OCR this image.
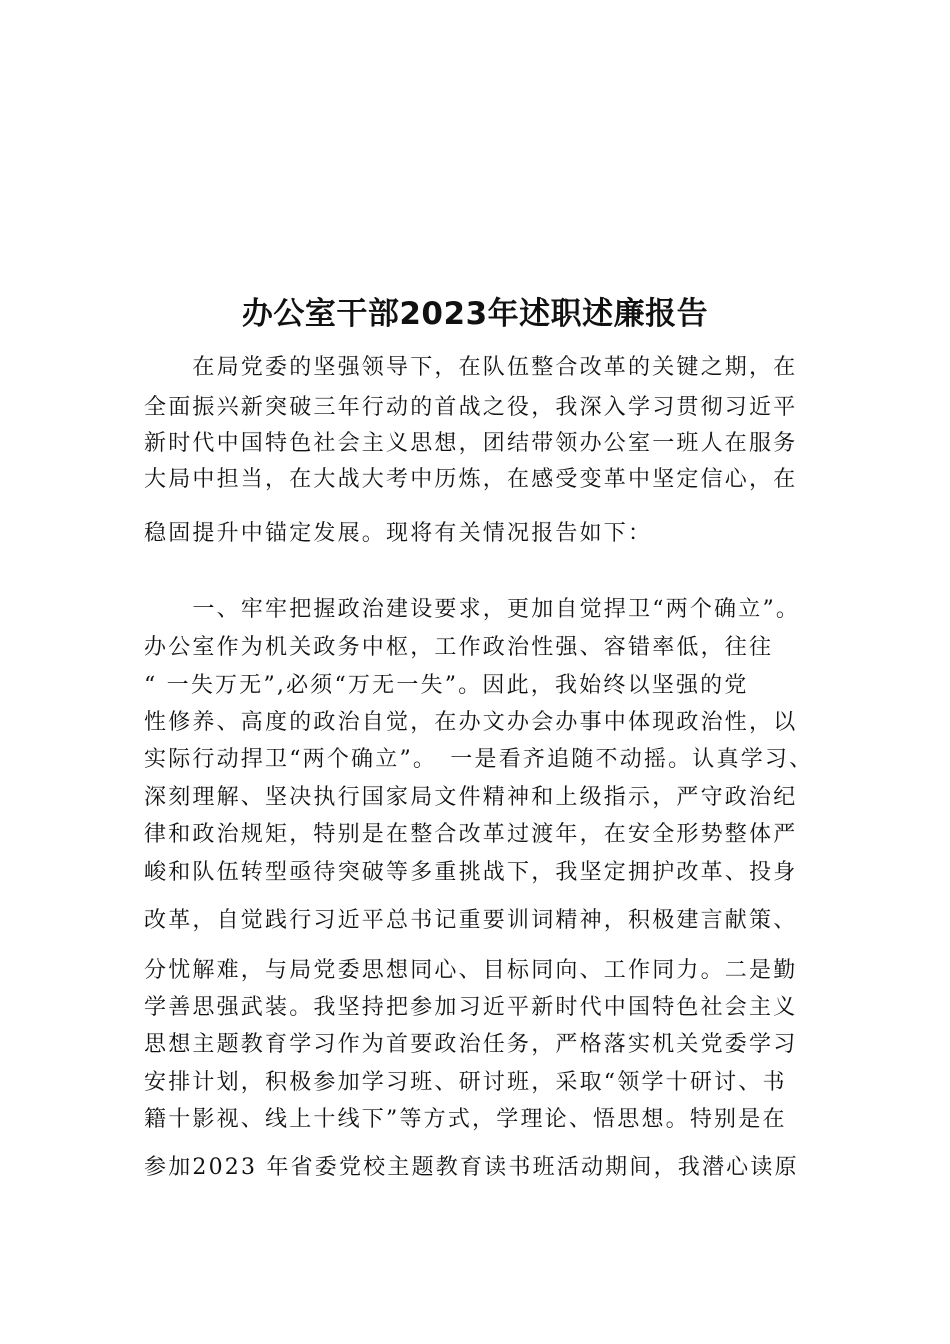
办公室干部2023年述职述廉报告
　　在局党委的坚强领导下，在队伍整合改革的关键之期，在
全面振兴新突破三年行动的首战之役，我深入学习贯彻习近平
新时代中国特色社会主义思想，团结带领办公室一班人在服务
大局中担当，在大战大考中历炼，在感受变革中坚定信心，在
稳固提升中锚定发展。现将有关情况报告如下：
　　一、牢牢把握政治建设要求，更加自觉捍卫“两个确立”。
办公室作为机关政务中枢，工作政治性强、容错率低，往往
“ 一失万无”,必须“万无一失”。因此，我始终以坚强的党
性修养、高度的政治自觉，在办文办会办事中体现政治性，以
实际行动捍卫“两个确立”。　一是看齐追随不动摇。认真学习、
深刻理解、坚决执行国家局文件精神和上级指示，严守政治纪
律和政治规矩，特别是在整合改革过渡年，在安全形势整体严
峻和队伍转型亟待突破等多重挑战下，我坚定拥护改革、投身
改革，自觉践行习近平总书记重要训词精神，积极建言献策、
分忧解难，与局党委思想同心、目标同向、工作同力。二是勤
学善思强武装。我坚持把参加习近平新时代中国特色社会主义
思想主题教育学习作为首要政治任务，严格落实机关党委学习
安排计划，积极参加学习班、研讨班，采取“领学十研讨、书
籍十影视、线上十线下”等方式，学理论、悟思想。特别是在
参加2023 年省委党校主题教育读书班活动期间，我潜心读原
